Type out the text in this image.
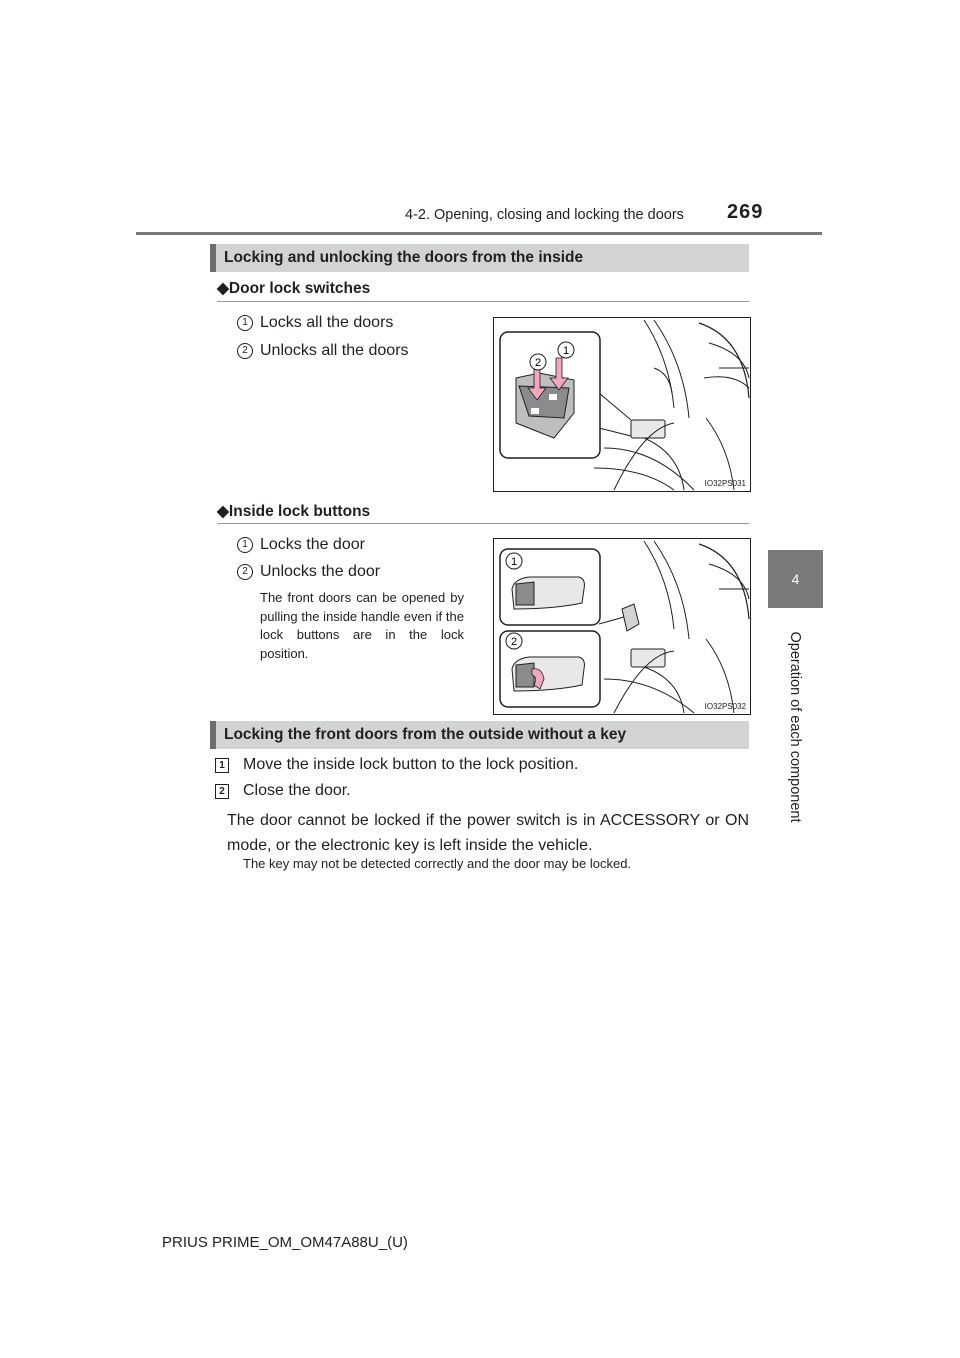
4-2. Opening, closing and locking the doors 269
4
Operation of each component
Locking and unlocking the doors from the inside
◆Door lock switches
1 Locks all the doors
2 Unlocks all the doors
2
1
IO32PS031
◆Inside lock buttons
1 Locks the door
2 Unlocks the door
The front doors can be opened by pulling the inside handle even if the lock buttons are in the lock position.
1
2
IO32PS032
Locking the front doors from the outside without a key
1 Move the inside lock button to the lock position.
2 Close the door.
The door cannot be locked if the power switch is in ACCESSORY or ON mode, or the electronic key is left inside the vehicle.
The key may not be detected correctly and the door may be locked.
PRIUS PRIME_OM_OM47A88U_(U)
